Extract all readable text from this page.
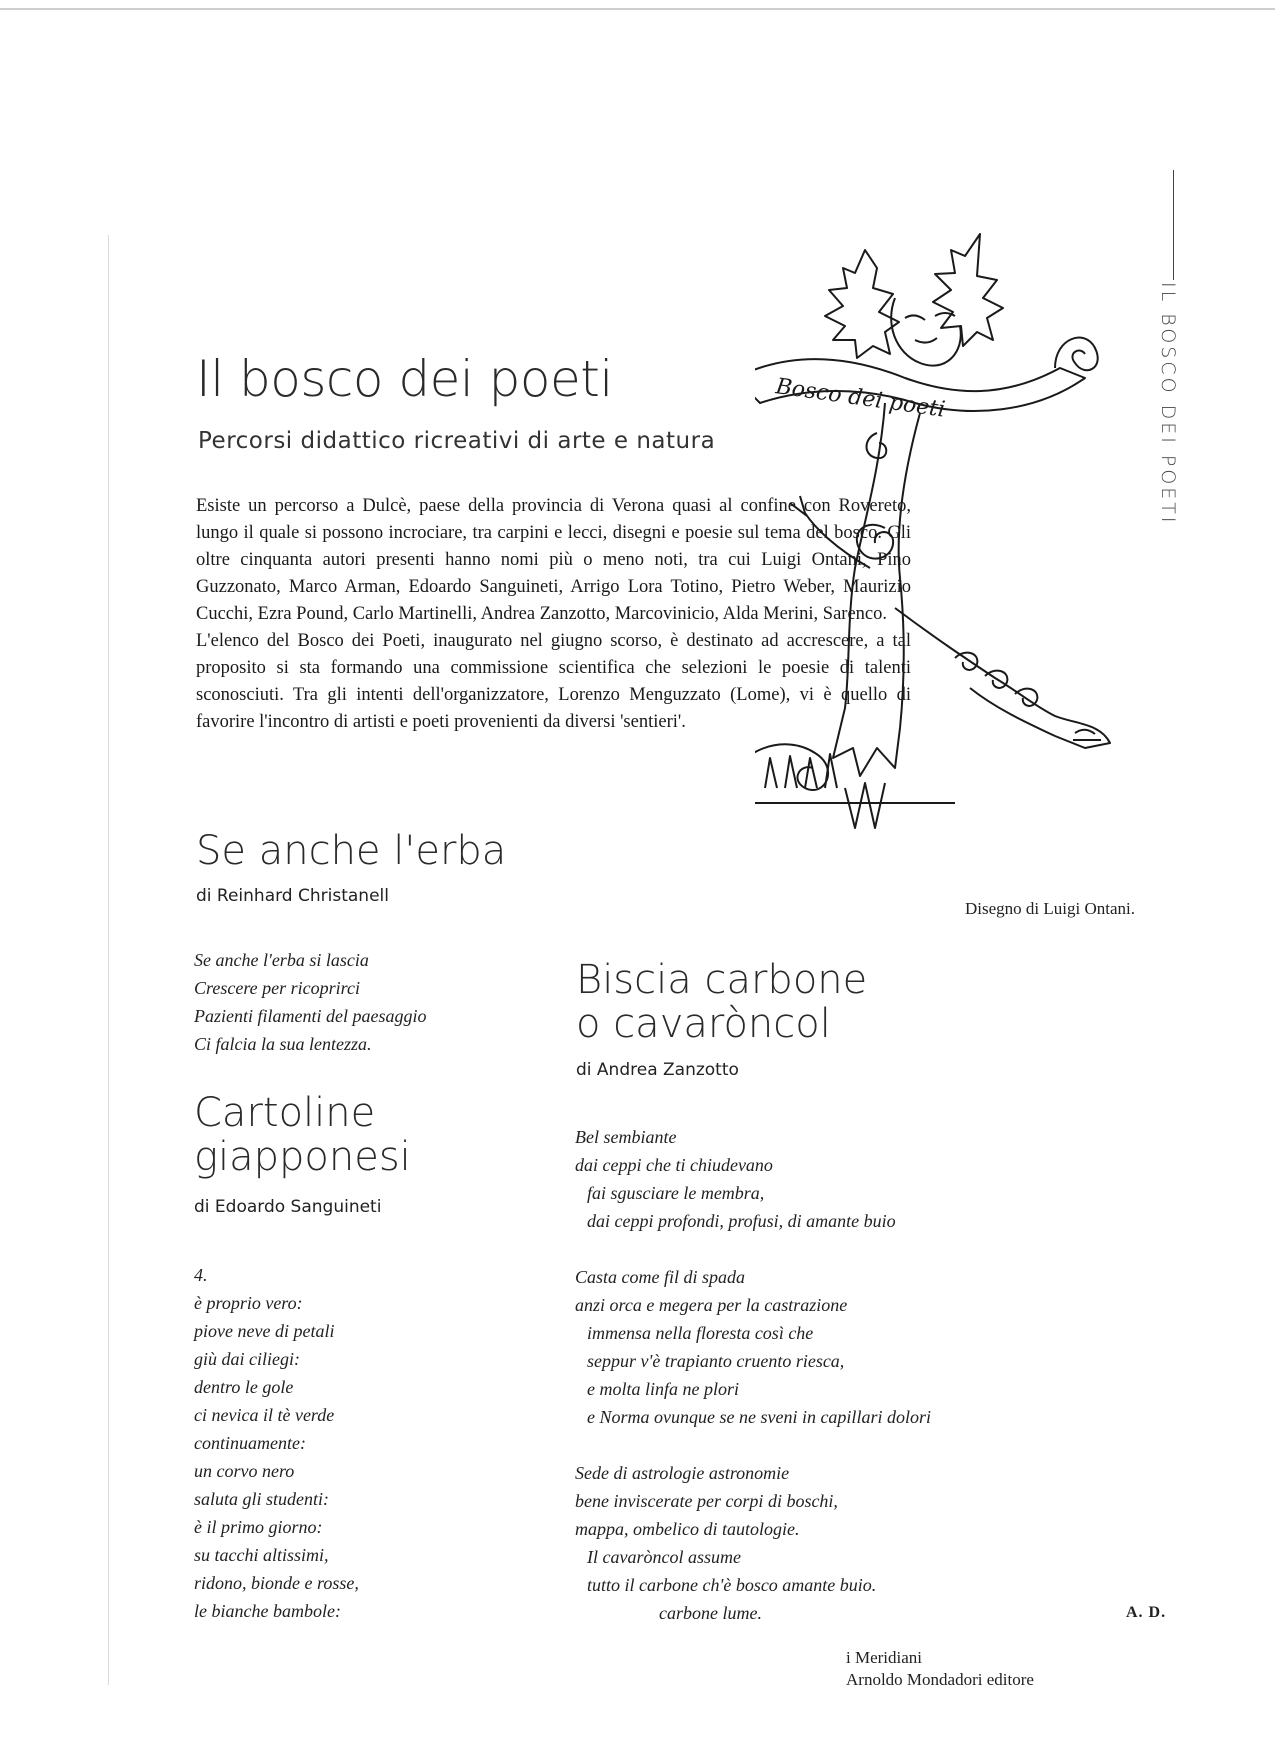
IL BOSCO DEI POETI
Il bosco dei poeti
Percorsi didattico ricreativi di arte e natura

Esiste un percorso a Dulcè, paese della provincia di Verona quasi al confine con Rovereto, lungo il quale si possono incrociare, tra carpini e lecci, disegni e poesie sul tema del bosco. Gli oltre cinquanta autori presenti hanno nomi più o meno noti, tra cui Luigi Ontani, Pino Guzzonato, Marco Arman, Edoardo Sanguineti, Arrigo Lora Totino, Pietro Weber, Maurizio Cucchi, Ezra Pound, Carlo Martinelli, Andrea Zanzotto, Marcovinicio, Alda Merini, Sarenco.

L'elenco del Bosco dei Poeti, inaugurato nel giugno scorso, è destinato ad accrescere, a tal proposito si sta formando una commissione scientifica che selezioni le poesie di talenti sconosciuti. Tra gli intenti dell'organizzatore, Lorenzo Menguzzato (Lome), vi è quello di favorire l'incontro di artisti e poeti provenienti da diversi 'sentieri'.

Bosco dei poeti
Disegno di Luigi Ontani.
Se anche l'erba
di Reinhard Christanell
Se anche l'erba si lascia
Crescere per ricoprirci
Pazienti filamenti del paesaggio
Ci falcia la sua lentezza.
Cartoline
giapponesi
di Edoardo Sanguineti
4.
è proprio vero:
piove neve di petali
giù dai ciliegi:
dentro le gole
ci nevica il tè verde
continuamente:
un corvo nero
saluta gli studenti:
è il primo giorno:
su tacchi altissimi,
ridono, bionde e rosse,
le bianche bambole:
Biscia carbone
o cavaròncol
di Andrea Zanzotto
Bel sembiante
dai ceppi che ti chiudevano
fai sgusciare le membra,
dai ceppi profondi, profusi, di amante buio
Casta come fil di spada
anzi orca e megera per la castrazione
immensa nella floresta così che
seppur v'è trapianto cruento riesca,
e molta linfa ne plori
e Norma ovunque se ne sveni in capillari dolori
Sede di astrologie astronomie
bene inviscerate per corpi di boschi,
mappa, ombelico di tautologie.
Il cavaròncol assume
tutto il carbone ch'è bosco amante buio.
carbone lume.	A. D.
i Meridiani
Arnoldo Mondadori editore
